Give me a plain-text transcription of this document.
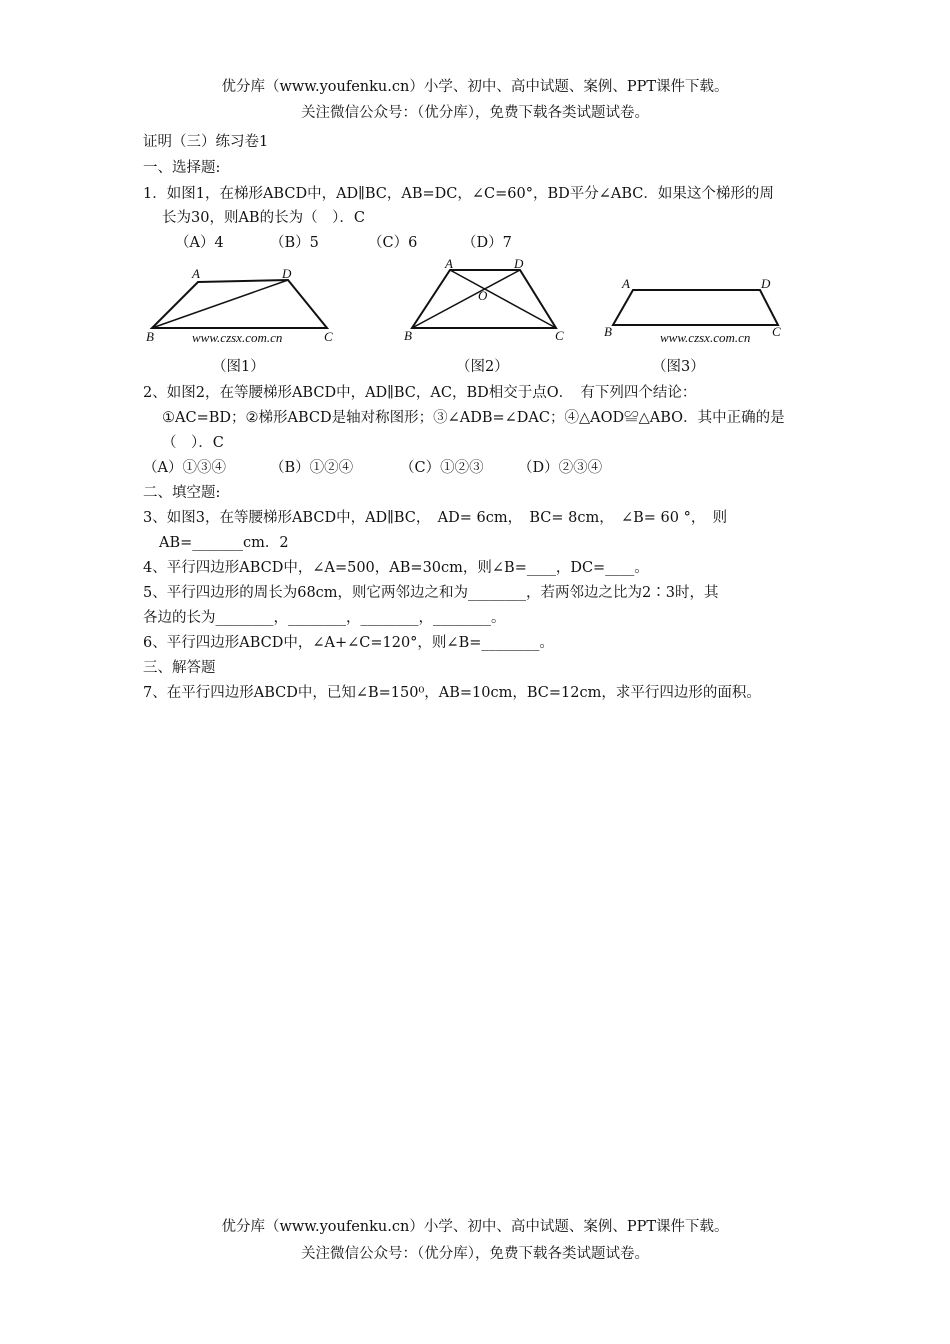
优分库（www.youfenku.cn）小学、初中、高中试题、案例、PPT课件下载。
关注微信公众号：（优分库），免费下载各类试题试卷。
证明（三）练习卷1
一、选择题:
1．如图1，在梯形ABCD中，AD∥BC，AB=DC，∠C=60°，BD平分∠ABC．如果这个梯形的周
长为30，则AB的长为（　）．C
（A）4	（B）5	（C）6	（D）7
A	D
B	C
www.czsx.com.cn
A	D
O
B	C
A	D
B	C
www.czsx.com.cn
（图1）	（图2）	（图3）
2、如图2，在等腰梯形ABCD中，AD∥BC，AC，BD相交于点O．　有下列四个结论：
①AC=BD；②梯形ABCD是轴对称图形；③∠ADB=∠DAC；④△AOD≌△ABO．其中正确的是
（　）．C
（A）①③④	（B）①②④	（C）①②③ （D）②③④
二、填空题:
3、如图3，在等腰梯形ABCD中，AD∥BC，　AD= 6cm，　BC= 8cm，　∠B= 60 °，　则
AB=_______cm．2
4、平行四边形ABCD中，∠A=500，AB=30cm，则∠B=____，DC=____。
5、平行四边形的周长为68cm，则它两邻边之和为________，若两邻边之比为2∶3时，其
各边的长为________，________，________，________。
6、平行四边形ABCD中，∠A+∠C=120°，则∠B=________。
三、解答题
7、在平行四边形ABCD中，已知∠B=150⁰，AB=10cm，BC=12cm，求平行四边形的面积。
优分库（www.youfenku.cn）小学、初中、高中试题、案例、PPT课件下载。
关注微信公众号：（优分库），免费下载各类试题试卷。
